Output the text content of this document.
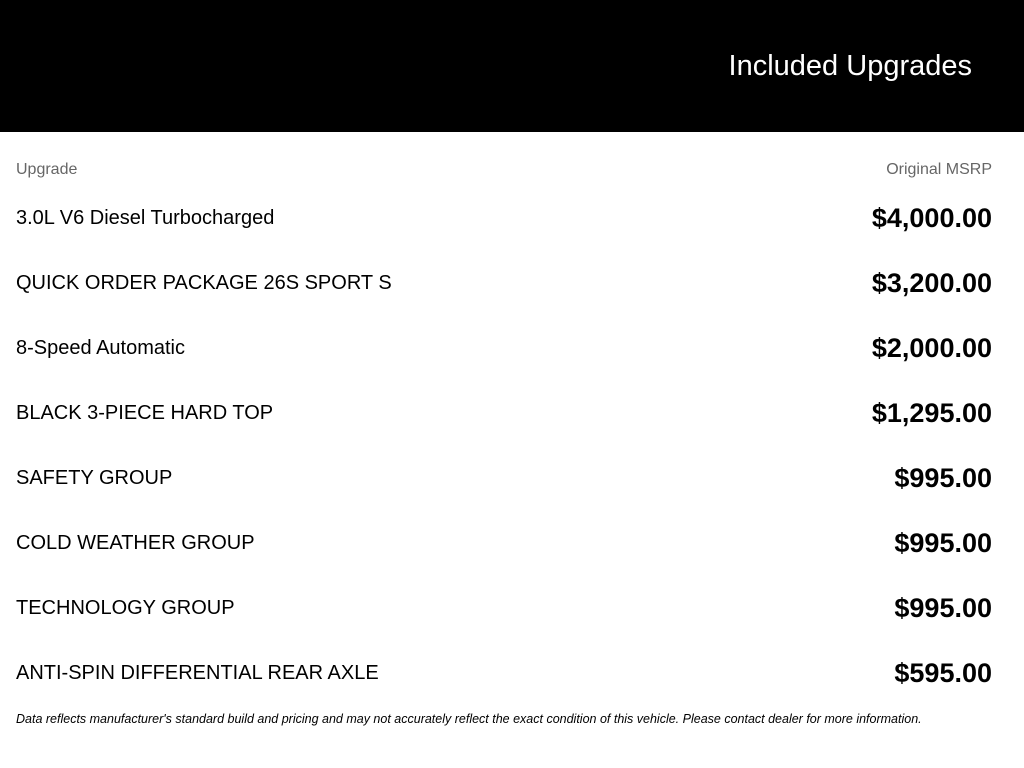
Included Upgrades
Upgrade	Original MSRP
3.0L V6 Diesel Turbocharged	$4,000.00
QUICK ORDER PACKAGE 26S SPORT S	$3,200.00
8-Speed Automatic	$2,000.00
BLACK 3-PIECE HARD TOP	$1,295.00
SAFETY GROUP	$995.00
COLD WEATHER GROUP	$995.00
TECHNOLOGY GROUP	$995.00
ANTI-SPIN DIFFERENTIAL REAR AXLE	$595.00
Data reflects manufacturer's standard build and pricing and may not accurately reflect the exact condition of this vehicle. Please contact dealer for more information.
